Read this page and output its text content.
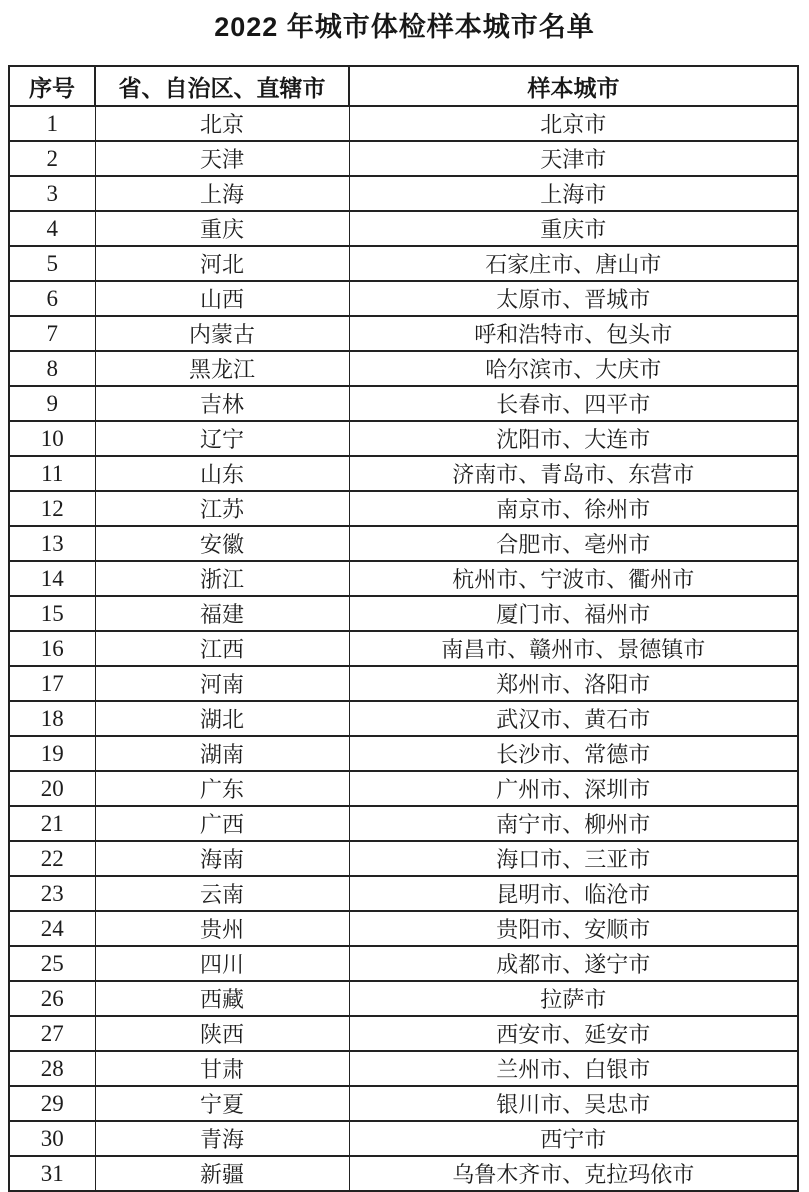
2022 年城市体检样本城市名单
序号	省、自治区、直辖市	样本城市
1	北京	北京市
2	天津	天津市
3	上海	上海市
4	重庆	重庆市
5	河北	石家庄市、唐山市
6	山西	太原市、晋城市
7	内蒙古	呼和浩特市、包头市
8	黑龙江	哈尔滨市、大庆市
9	吉林	长春市、四平市
10	辽宁	沈阳市、大连市
11	山东	济南市、青岛市、东营市
12	江苏	南京市、徐州市
13	安徽	合肥市、亳州市
14	浙江	杭州市、宁波市、衢州市
15	福建	厦门市、福州市
16	江西	南昌市、赣州市、景德镇市
17	河南	郑州市、洛阳市
18	湖北	武汉市、黄石市
19	湖南	长沙市、常德市
20	广东	广州市、深圳市
21	广西	南宁市、柳州市
22	海南	海口市、三亚市
23	云南	昆明市、临沧市
24	贵州	贵阳市、安顺市
25	四川	成都市、遂宁市
26	西藏	拉萨市
27	陕西	西安市、延安市
28	甘肃	兰州市、白银市
29	宁夏	银川市、吴忠市
30	青海	西宁市
31	新疆	乌鲁木齐市、克拉玛依市
